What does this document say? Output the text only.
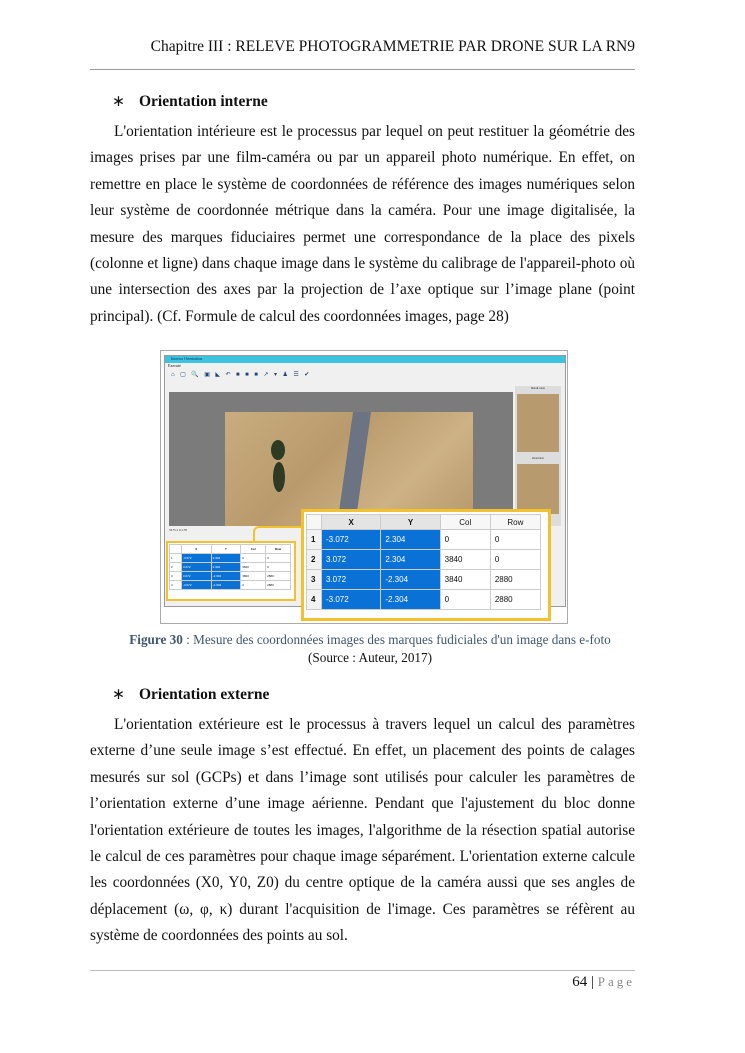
Chapitre III : RELEVE PHOTOGRAMMETRIE PAR DRONE SUR LA RN9
∗ Orientation interne
L'orientation intérieure est le processus par lequel on peut restituer la géométrie des images prises par une film-caméra ou par un appareil photo numérique. En effet, on remettre en place le système de coordonnées de référence des images numériques selon leur système de coordonnée métrique dans la caméra. Pour une image digitalisée, la mesure des marques fiduciaires permet une correspondance de la place des pixels (colonne et ligne) dans chaque image dans le système du calibrage de l'appareil-photo où une intersection des axes par la projection de l’axe optique sur l’image plane (point principal). (Cf. Formule de calcul des coordonnées images, page 28)
Interior Orientation
Execute
⌂ ▢ 🔍 ▣ ◣ ↶ ■ ■ ■ ↗ ▾ ♟ ☰ ✔
Detail view
Overview
33.75 x 111.78
	X	Y	Col	Row
1	-3.072	2.304	0	0
2	3.072	2.304	3840	0
3	3.072	-2.304	3840	2880
4	-3.072	-2.304	0	2880
	X	Y	Col	Row
1	-3.072	2.304	0	0
2	3.072	2.304	3840	0
3	3.072	-2.304	3840	2880
4	-3.072	-2.304	0	2880
Figure 30 : Mesure des coordonnées images des marques fudiciales d'un image dans e-foto
(Source : Auteur, 2017)
∗ Orientation externe
L'orientation extérieure est le processus à travers lequel un calcul des paramètres externe d’une seule image s’est effectué. En effet, un placement des points de calages mesurés sur sol (GCPs) et dans l’image sont utilisés pour calculer les paramètres de l’orientation externe d’une image aérienne. Pendant que l'ajustement du bloc donne l'orientation extérieure de toutes les images, l'algorithme de la résection spatial autorise le calcul de ces paramètres pour chaque image séparément. L'orientation externe calcule les coordonnées (X0, Y0, Z0) du centre optique de la caméra aussi que ses angles de déplacement (ω, φ, κ) durant l'acquisition de l'image. Ces paramètres se réfèrent au système de coordonnées des points au sol.
64 | Page
